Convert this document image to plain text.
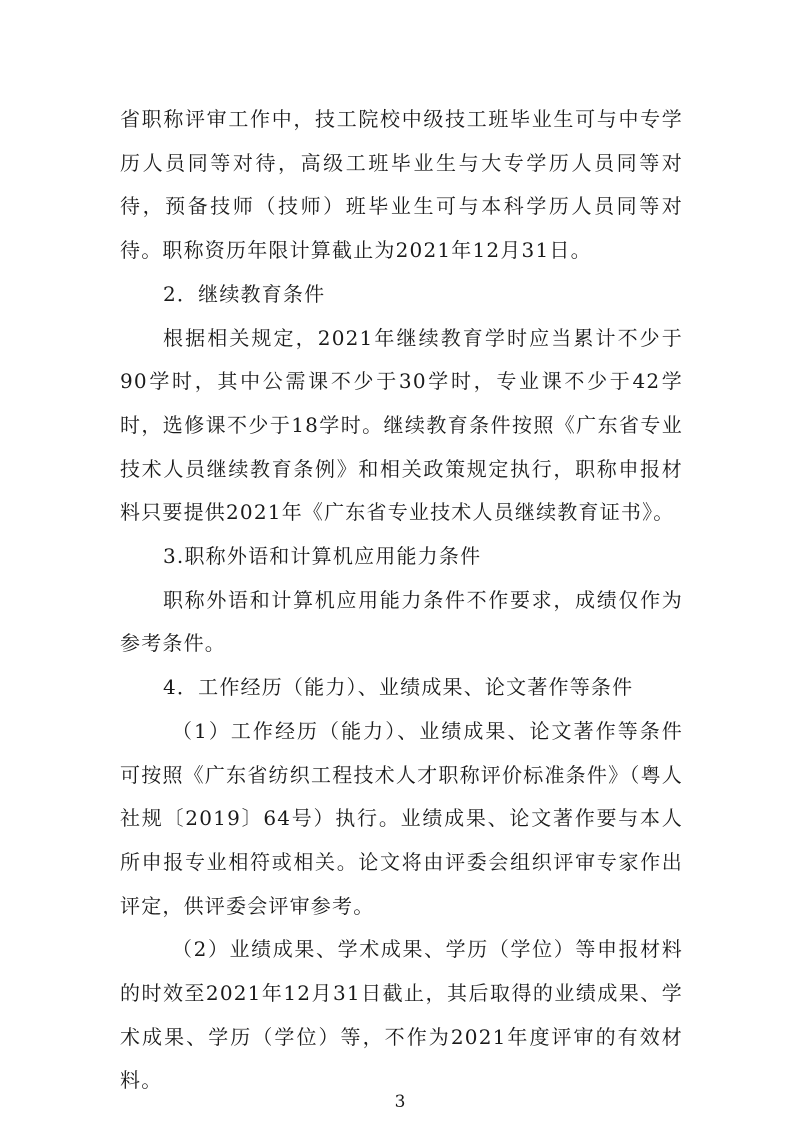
省职称评审工作中，技工院校中级技工班毕业生可与中专学历人员同等对待，高级工班毕业生与大专学历人员同等对待，预备技师（技师）班毕业生可与本科学历人员同等对待。职称资历年限计算截止为2021年12月31日。

2．继续教育条件

根据相关规定，2021年继续教育学时应当累计不少于90学时，其中公需课不少于30学时，专业课不少于42学时，选修课不少于18学时。继续教育条件按照《广东省专业技术人员继续教育条例》和相关政策规定执行，职称申报材料只要提供2021年《广东省专业技术人员继续教育证书》。

3.职称外语和计算机应用能力条件

职称外语和计算机应用能力条件不作要求，成绩仅作为参考条件。

4．工作经历（能力）、业绩成果、论文著作等条件

（1）工作经历（能力）、业绩成果、论文著作等条件可按照《广东省纺织工程技术人才职称评价标准条件》（粤人社规〔2019〕64号）执行。业绩成果、论文著作要与本人所申报专业相符或相关。论文将由评委会组织评审专家作出评定，供评委会评审参考。

（2）业绩成果、学术成果、学历（学位）等申报材料的时效至2021年12月31日截止，其后取得的业绩成果、学术成果、学历（学位）等，不作为2021年度评审的有效材料。

3
